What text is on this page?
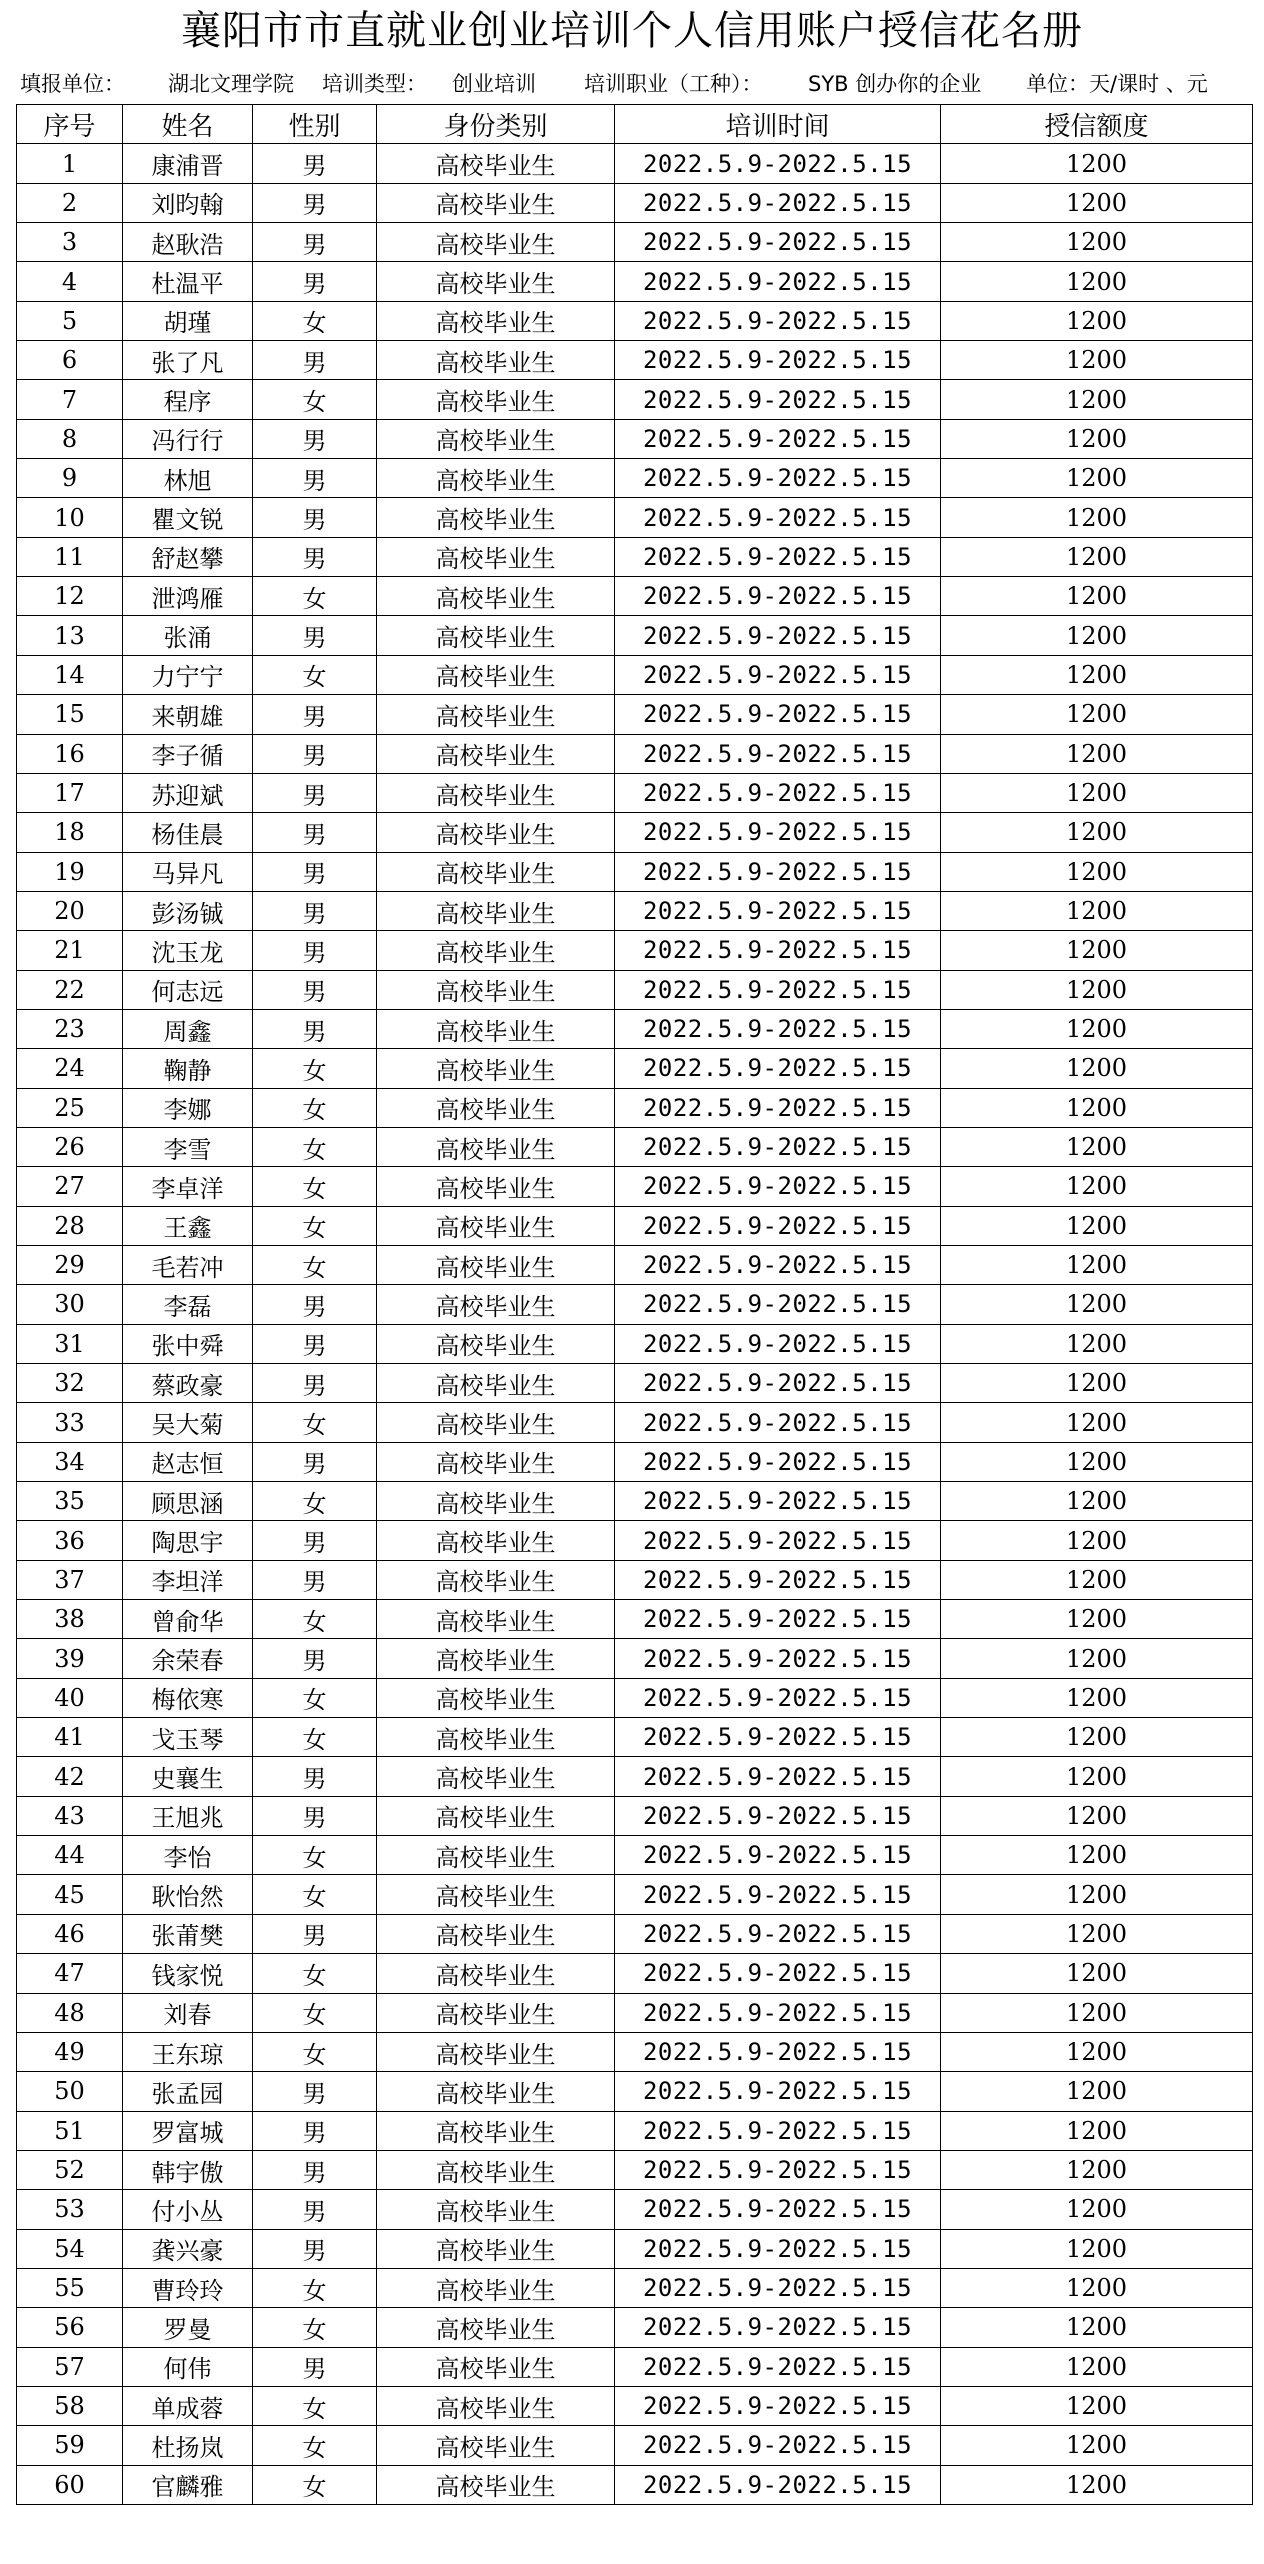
襄阳市市直就业创业培训个人信用账户授信花名册
填报单位： 湖北文理学院 培训类型： 创业培训 培训职业（工种）： SYB 创办你的企业 单位：天/课时 、元
序号	姓名	性别	身份类别	培训时间	授信额度
1	康浦晋	男	高校毕业生	2022.5.9-2022.5.15	1200
2	刘昀翰	男	高校毕业生	2022.5.9-2022.5.15	1200
3	赵耿浩	男	高校毕业生	2022.5.9-2022.5.15	1200
4	杜温平	男	高校毕业生	2022.5.9-2022.5.15	1200
5	胡瑾	女	高校毕业生	2022.5.9-2022.5.15	1200
6	张了凡	男	高校毕业生	2022.5.9-2022.5.15	1200
7	程序	女	高校毕业生	2022.5.9-2022.5.15	1200
8	冯行行	男	高校毕业生	2022.5.9-2022.5.15	1200
9	林旭	男	高校毕业生	2022.5.9-2022.5.15	1200
10	瞿文锐	男	高校毕业生	2022.5.9-2022.5.15	1200
11	舒赵攀	男	高校毕业生	2022.5.9-2022.5.15	1200
12	泄鸿雁	女	高校毕业生	2022.5.9-2022.5.15	1200
13	张涌	男	高校毕业生	2022.5.9-2022.5.15	1200
14	力宁宁	女	高校毕业生	2022.5.9-2022.5.15	1200
15	来朝雄	男	高校毕业生	2022.5.9-2022.5.15	1200
16	李子循	男	高校毕业生	2022.5.9-2022.5.15	1200
17	苏迎斌	男	高校毕业生	2022.5.9-2022.5.15	1200
18	杨佳晨	男	高校毕业生	2022.5.9-2022.5.15	1200
19	马异凡	男	高校毕业生	2022.5.9-2022.5.15	1200
20	彭汤铖	男	高校毕业生	2022.5.9-2022.5.15	1200
21	沈玉龙	男	高校毕业生	2022.5.9-2022.5.15	1200
22	何志远	男	高校毕业生	2022.5.9-2022.5.15	1200
23	周鑫	男	高校毕业生	2022.5.9-2022.5.15	1200
24	鞠静	女	高校毕业生	2022.5.9-2022.5.15	1200
25	李娜	女	高校毕业生	2022.5.9-2022.5.15	1200
26	李雪	女	高校毕业生	2022.5.9-2022.5.15	1200
27	李卓洋	女	高校毕业生	2022.5.9-2022.5.15	1200
28	王鑫	女	高校毕业生	2022.5.9-2022.5.15	1200
29	毛若冲	女	高校毕业生	2022.5.9-2022.5.15	1200
30	李磊	男	高校毕业生	2022.5.9-2022.5.15	1200
31	张中舜	男	高校毕业生	2022.5.9-2022.5.15	1200
32	蔡政豪	男	高校毕业生	2022.5.9-2022.5.15	1200
33	吴大菊	女	高校毕业生	2022.5.9-2022.5.15	1200
34	赵志恒	男	高校毕业生	2022.5.9-2022.5.15	1200
35	顾思涵	女	高校毕业生	2022.5.9-2022.5.15	1200
36	陶思宇	男	高校毕业生	2022.5.9-2022.5.15	1200
37	李坦洋	男	高校毕业生	2022.5.9-2022.5.15	1200
38	曾俞华	女	高校毕业生	2022.5.9-2022.5.15	1200
39	余荣春	男	高校毕业生	2022.5.9-2022.5.15	1200
40	梅依寒	女	高校毕业生	2022.5.9-2022.5.15	1200
41	戈玉琴	女	高校毕业生	2022.5.9-2022.5.15	1200
42	史襄生	男	高校毕业生	2022.5.9-2022.5.15	1200
43	王旭兆	男	高校毕业生	2022.5.9-2022.5.15	1200
44	李怡	女	高校毕业生	2022.5.9-2022.5.15	1200
45	耿怡然	女	高校毕业生	2022.5.9-2022.5.15	1200
46	张莆樊	男	高校毕业生	2022.5.9-2022.5.15	1200
47	钱家悦	女	高校毕业生	2022.5.9-2022.5.15	1200
48	刘春	女	高校毕业生	2022.5.9-2022.5.15	1200
49	王东琼	女	高校毕业生	2022.5.9-2022.5.15	1200
50	张孟园	男	高校毕业生	2022.5.9-2022.5.15	1200
51	罗富城	男	高校毕业生	2022.5.9-2022.5.15	1200
52	韩宇傲	男	高校毕业生	2022.5.9-2022.5.15	1200
53	付小丛	男	高校毕业生	2022.5.9-2022.5.15	1200
54	龚兴豪	男	高校毕业生	2022.5.9-2022.5.15	1200
55	曹玲玲	女	高校毕业生	2022.5.9-2022.5.15	1200
56	罗曼	女	高校毕业生	2022.5.9-2022.5.15	1200
57	何伟	男	高校毕业生	2022.5.9-2022.5.15	1200
58	单成蓉	女	高校毕业生	2022.5.9-2022.5.15	1200
59	杜扬岚	女	高校毕业生	2022.5.9-2022.5.15	1200
60	官麟雅	女	高校毕业生	2022.5.9-2022.5.15	1200
